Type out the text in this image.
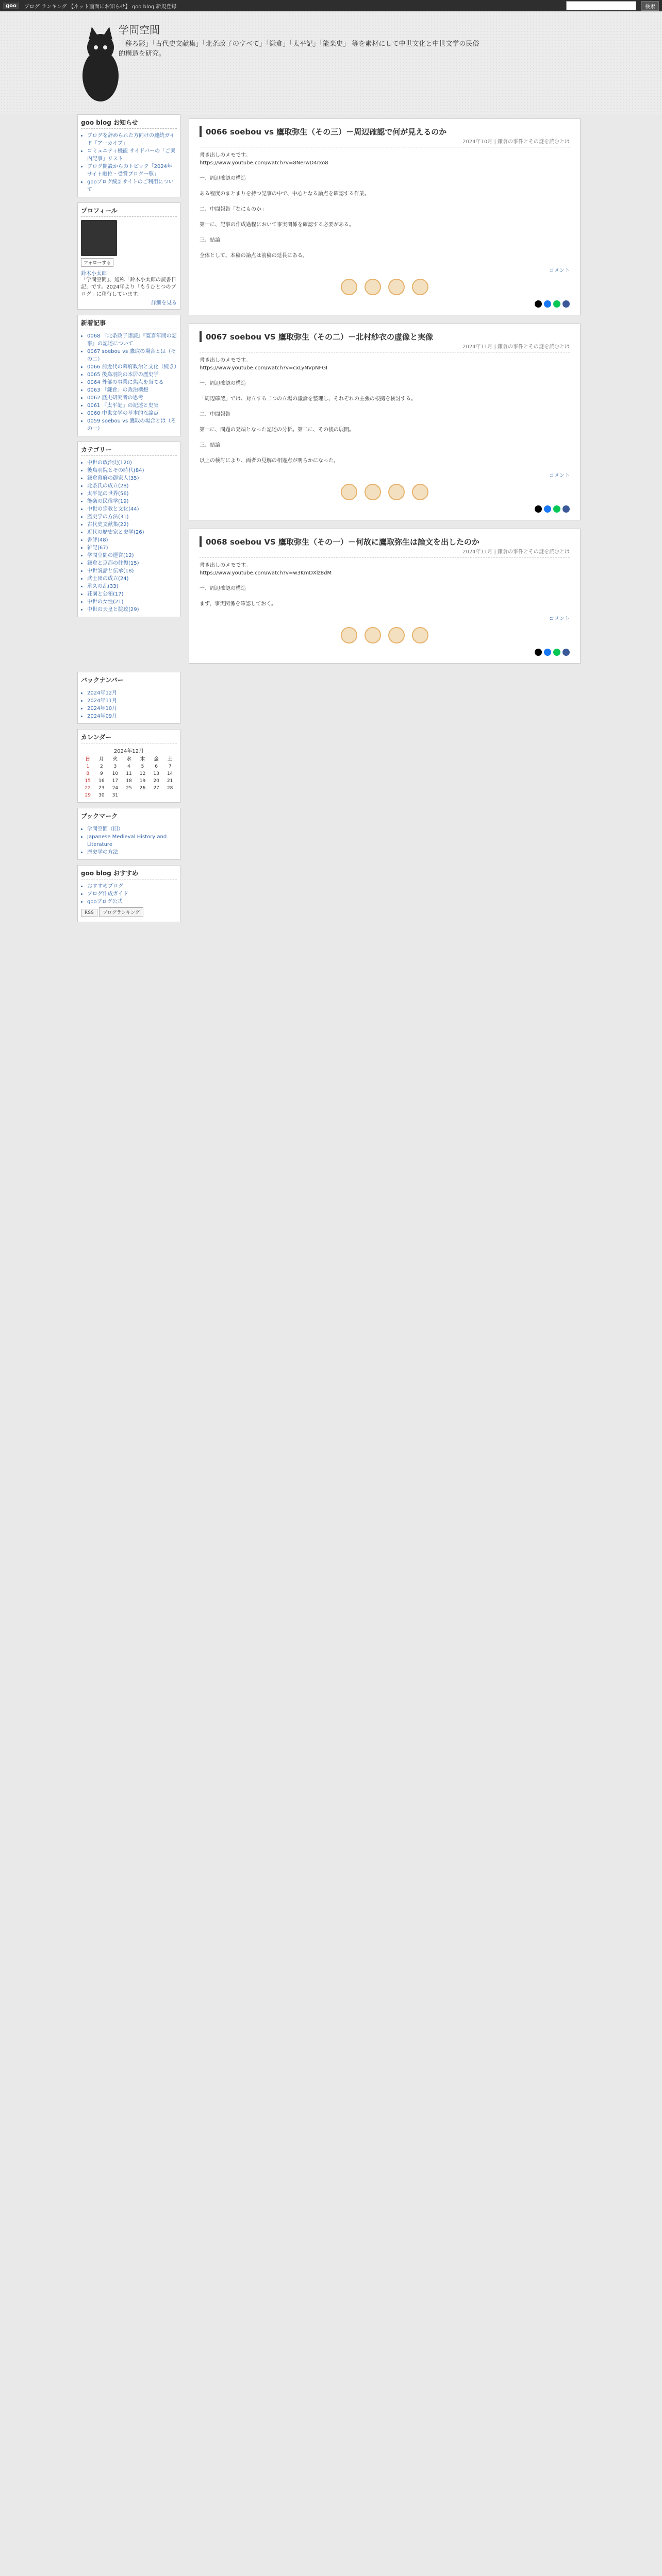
goo	ブログ ランキング 【ネット画面にお知らせ】 goo blog 新規登録	検索
学問空間
「移ろ影」「古代史文献集」「北条政子のすべて」「鎌倉」「太平記」「能楽史」 等を素材にして中世文化と中世文学の民俗的構造を研究。
goo blog お知らせ
• ブログを辞められた方向けの連続ガイド「アーカイブ」
• コミュニティ機能 サイドバーの「ご案内記事」リスト
• ブログ開設からのトピック「2024年サイト順位・受賞ブログ一覧」
• gooブログ統計サイトのご利用について
プロフィール
フォローする
鈴木小太郎
「学問空間」、通称「鈴木小太郎の読書日記」です。2024年より「もうひとつのブログ」に移行しています。
詳細を見る
新着記事
• 0068 『北条政子譜読』『寛喜年間の記事』の記述について
• 0067 soebou vs 鷹取の場合とは（その二）
• 0066 前近代の幕府政治と文化（続き）
• 0065 後鳥羽院の本居の歴史学
• 0064 外部の事業に焦点を当てる
• 0063 「鎌倉」の政治構想
• 0062 歴史研究者の思考
• 0061 『太平記』の記述と史実
• 0060 中世文学の基本的な論点
• 0059 soebou vs 鷹取の場合とは（その一）
カテゴリー
• 中世の政治史(120)
• 後鳥羽院とその時代(84)
• 鎌倉幕府の御家人(35)
• 北条氏の成立(28)
• 太平記の世界(56)
• 能楽の民俗学(19)
• 中世の宗教と文化(44)
• 歴史学の方法(31)
• 古代史文献集(22)
• 近代の歴史家と史学(26)
• 書評(48)
• 雑記(67)
• 学問空間の運営(12)
• 鎌倉と京都の往復(15)
• 中世説話と伝承(18)
• 武士団の成立(24)
• 承久の乱(33)
• 荘園と公領(17)
• 中世の女性(21)
• 中世の天皇と院政(29)
0066 soebou vs 鷹取弥生（その三）－周辺確認で何が見えるのか
2024年10月 | 鎌倉の事件とその謎を読むとは

書き出しのメモです。
https://www.youtube.com/watch?v=8NerwD4rxo8

一、周辺確認の構造

ある程度のまとまりを持つ記事の中で、中心となる論点を確認する作業。

二、中間報告「なにものか」

第一に、記事の作成過程において事実関係を確認する必要がある。

三、結論

全体として、本稿の論点は前稿の延長にある。

コメント
0067 soebou VS 鷹取弥生（その二）－北村紗衣の虚像と実像
2024年11月 | 鎌倉の事件とその謎を読むとは

書き出しのメモです。
https://www.youtube.com/watch?v=cxLyNVpNFGI

一、周辺確認の構造

「周辺確認」では、対立する二つの立場の議論を整理し、それぞれの主張の根拠を検討する。

二、中間報告

第一に、問題の発端となった記述の分析。第二に、その後の展開。

三、結論

以上の検討により、両者の見解の相違点が明らかになった。

コメント
0068 soebou VS 鷹取弥生（その一）－何故に鷹取弥生は論文を出したのか
2024年11月 | 鎌倉の事件とその謎を読むとは

書き出しのメモです。
https://www.youtube.com/watch?v=w3KmDXlz8dM

一、周辺確認の構造

まず、事実関係を確認しておく。

コメント
バックナンバー
• 2024年12月
• 2024年11月
• 2024年10月
• 2024年09月
カレンダー
2024年12月
日	月	火	水	木	金	土
1	2	3	4	5	6	7
8	9	10	11	12	13	14
15	16	17	18	19	20	21
22	23	24	25	26	27	28
29	30	31				
ブックマーク
• 学問空間（旧）
• Japanese Medieval History and Literature
• 歴史学の方法
goo blog おすすめ
• おすすめブログ
• ブログ作成ガイド
• gooブログ公式
RSS ブログランキング
